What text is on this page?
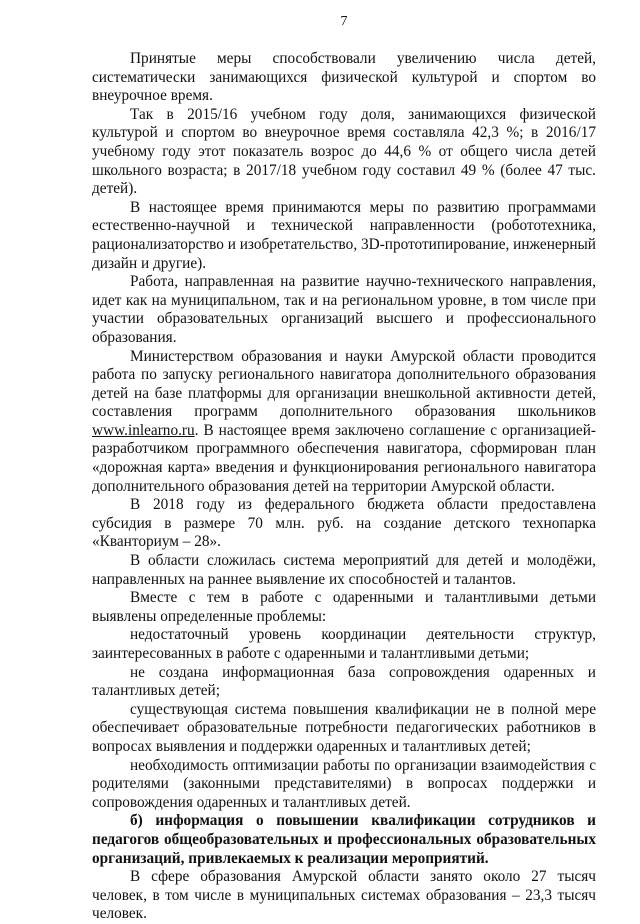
7

Принятые меры способствовали увеличению числа детей, систематически занимающихся физической культурой и спортом во внеурочное время.

Так в 2015/16 учебном году доля, занимающихся физической культурой и спортом во внеурочное время составляла 42,3 %; в 2016/17 учебному году этот показатель возрос до 44,6 % от общего числа детей школьного возраста; в 2017/18 учебном году составил 49 % (более 47 тыс. детей).

В настоящее время принимаются меры по развитию программами естественно-научной и технической направленности (робототехника, рационализаторство и изобретательство, 3D-прототипирование, инженерный дизайн и другие).

Работа, направленная на развитие научно-технического направления, идет как на муниципальном, так и на региональном уровне, в том числе при участии образовательных организаций высшего и профессионального образования.

Министерством образования и науки Амурской области проводится работа по запуску регионального навигатора дополнительного образования детей на базе платформы для организации внешкольной активности детей, составления программ дополнительного образования школьников www.inlearno.ru. В настоящее время заключено соглашение с организацией-разработчиком программного обеспечения навигатора, сформирован план «дорожная карта» введения и функционирования регионального навигатора дополнительного образования детей на территории Амурской области.

В 2018 году из федерального бюджета области предоставлена субсидия в размере 70 млн. руб. на создание детского технопарка «Кванториум – 28».

В области сложилась система мероприятий для детей и молодёжи, направленных на раннее выявление их способностей и талантов.

Вместе с тем в работе с одаренными и талантливыми детьми выявлены определенные проблемы:

недостаточный уровень координации деятельности структур, заинтересованных в работе с одаренными и талантливыми детьми;

не создана информационная база сопровождения одаренных и талантливых детей;

существующая система повышения квалификации не в полной мере обеспечивает образовательные потребности педагогических работников в вопросах выявления и поддержки одаренных и талантливых детей;

необходимость оптимизации работы по организации взаимодействия с родителями (законными представителями) в вопросах поддержки и сопровождения одаренных и талантливых детей.

б) информация о повышении квалификации сотрудников и педагогов общеобразовательных и профессиональных образовательных организаций, привлекаемых к реализации мероприятий.

В сфере образования Амурской области занято около 27 тысяч человек, в том числе в муниципальных системах образования – 23,3 тысяч человек.
